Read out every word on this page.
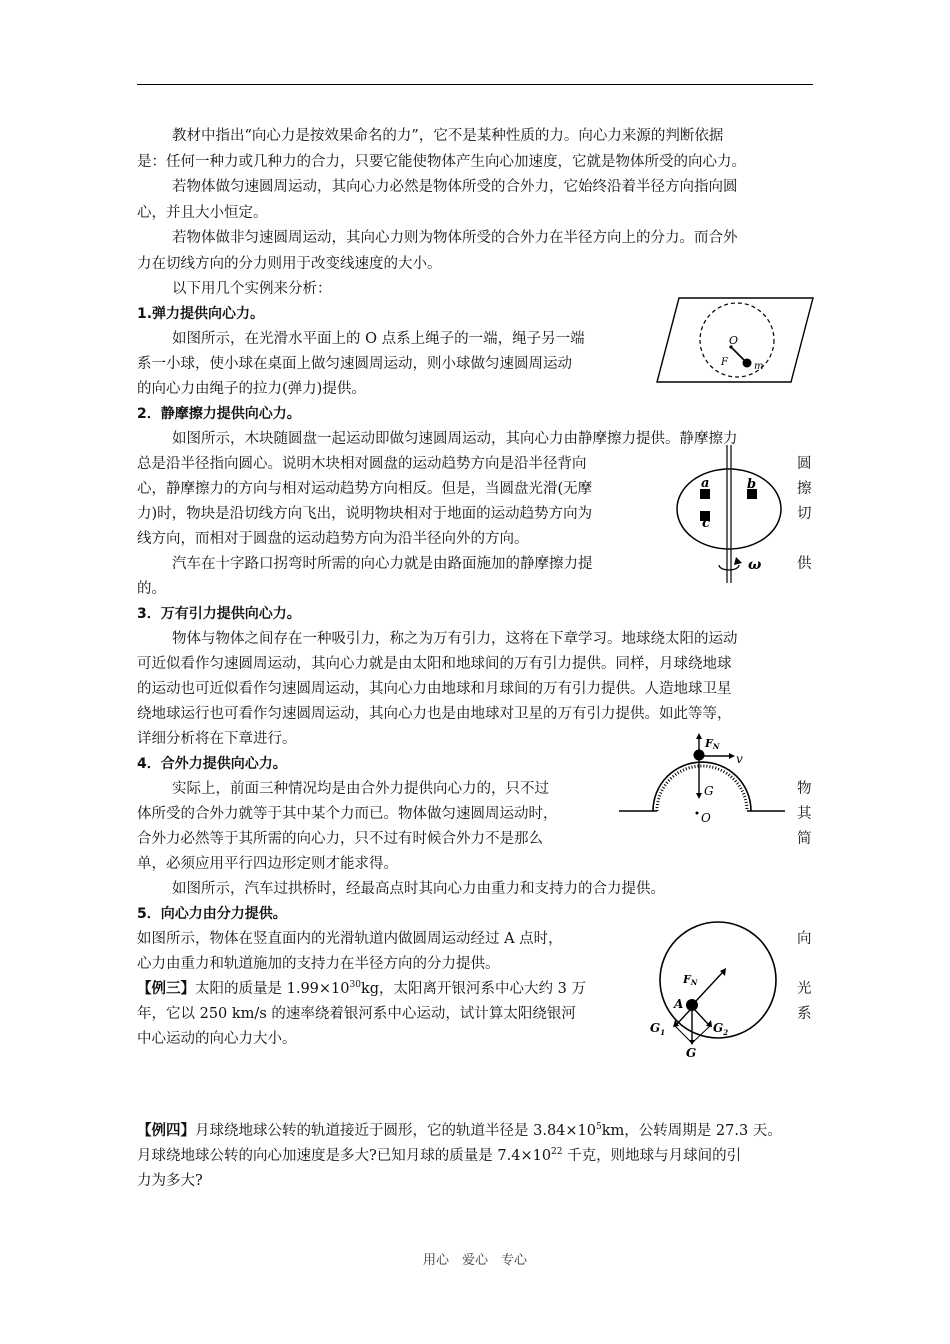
教材中指出“向心力是按效果命名的力”，它不是某种性质的力。向心力来源的判断依据
是：任何一种力或几种力的合力，只要它能使物体产生向心加速度，它就是物体所受的向心力。
若物体做匀速圆周运动，其向心力必然是物体所受的合外力，它始终沿着半径方向指向圆
心，并且大小恒定。
若物体做非匀速圆周运动，其向心力则为物体所受的合外力在半径方向上的分力。而合外
力在切线方向的分力则用于改变线速度的大小。
以下用几个实例来分析：
1.弹力提供向心力。
如图所示，在光滑水平面上的 O 点系上绳子的一端，绳子另一端
系一小球，使小球在桌面上做匀速圆周运动，则小球做匀速圆周运动
的向心力由绳子的拉力(弹力)提供。
2．静摩擦力提供向心力。
如图所示，木块随圆盘一起运动即做匀速圆周运动，其向心力由静摩擦力提供。静摩擦力
总是沿半径指向圆心。说明木块相对圆盘的运动趋势方向是沿半径背向	圆
心，静摩擦力的方向与相对运动趋势方向相反。但是，当圆盘光滑(无摩	擦
力)时，物块是沿切线方向飞出，说明物块相对于地面的运动趋势方向为	切
线方向，而相对于圆盘的运动趋势方向为沿半径向外的方向。
汽车在十字路口拐弯时所需的向心力就是由路面施加的静摩擦力提	供
的。
3．万有引力提供向心力。
物体与物体之间存在一种吸引力，称之为万有引力，这将在下章学习。地球绕太阳的运动
可近似看作匀速圆周运动，其向心力就是由太阳和地球间的万有引力提供。同样，月球绕地球
的运动也可近似看作匀速圆周运动，其向心力由地球和月球间的万有引力提供。人造地球卫星
绕地球运行也可看作匀速圆周运动，其向心力也是由地球对卫星的万有引力提供。如此等等，
详细分析将在下章进行。
4．合外力提供向心力。
实际上，前面三种情况均是由合外力提供向心力的，只不过	物
体所受的合外力就等于其中某个力而已。物体做匀速圆周运动时，	其
合外力必然等于其所需的向心力，只不过有时候合外力不是那么	简
单，必须应用平行四边形定则才能求得。
如图所示，汽车过拱桥时，经最高点时其向心力由重力和支持力的合力提供。
5．向心力由分力提供。
如图所示，物体在竖直面内的光滑轨道内做圆周运动经过 A 点时，	向
心力由重力和轨道施加的支持力在半径方向的分力提供。
【例三】太阳的质量是 $1.99\times 10^{30}kg$，太阳离开银河系中心大约 3 万	光
年，它以 250 km/s 的速率绕着银河系中心运动，试计算太阳绕银河	系
中心运动的向心力大小。
【例四】月球绕地球公转的轨道接近于圆形，它的轨道半径是 $3.84\times 10^5km$，公转周期是 27.3 天。
月球绕地球公转的向心加速度是多大?已知月球的质量是 $7.4\times 10^{22}$ 千克，则地球与月球间的引
力为多大?
O
F	m
a	b
c
ω
FN
v
G
O
FN
A
$G_1$	$G_2$
G
用心　爱心　专心
